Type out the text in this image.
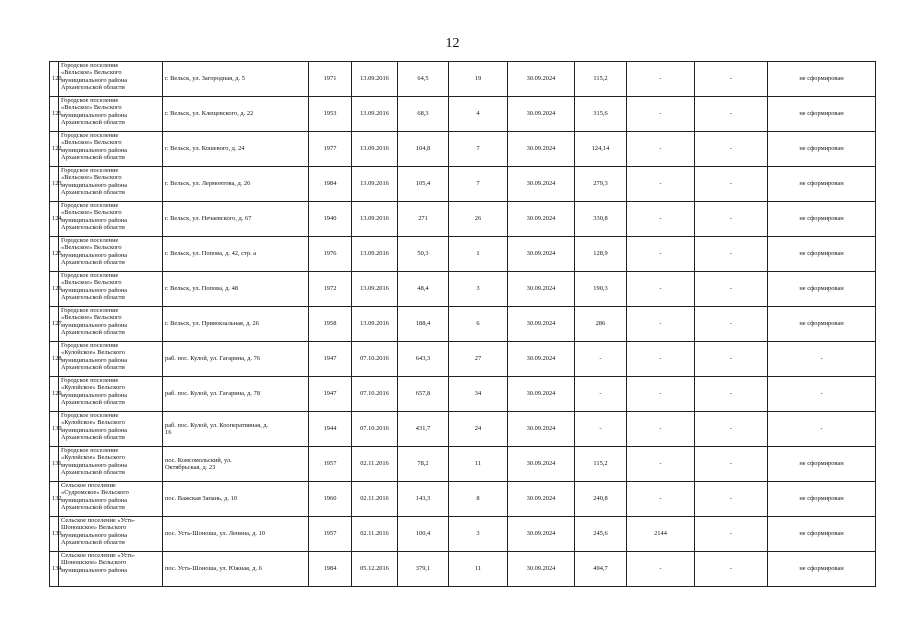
12
120	Городское поселение
«Вельское» Вельского
муниципального района
Архангельской области	г. Вельск, ул. Загородная, д. 5	1971	13.09.2016	64,5	19	30.09.2024	115,2	-	-	не сформирован
121	Городское поселение
«Вельское» Вельского
муниципального района
Архангельской области	г. Вельск, ул. Клещевского, д. 22	1953	13.09.2016	68,3	4	30.09.2024	315,6	-	-	не сформирован
122	Городское поселение
«Вельское» Вельского
муниципального района
Архангельской области	г. Вельск, ул. Кошевого, д. 24	1977	13.09.2016	104,8	7	30.09.2024	124,14	-	-	не сформирован
123	Городское поселение
«Вельское» Вельского
муниципального района
Архангельской области	г. Вельск, ул. Лермонтова, д. 26	1984	13.09.2016	105,4	7	30.09.2024	279,3	-	-	не сформирован
124	Городское поселение
«Вельское» Вельского
муниципального района
Архангельской области	г. Вельск, ул. Нечаевского, д. 67	1940	13.09.2016	271	26	30.09.2024	330,8	-	-	не сформирован
125	Городское поселение
«Вельское» Вельского
муниципального района
Архангельской области	г. Вельск, ул. Попова, д. 42, стр. а	1976	13.09.2016	50,3	1	30.09.2024	128,9	-	-	не сформирован
126	Городское поселение
«Вельское» Вельского
муниципального района
Архангельской области	г. Вельск, ул. Попова, д. 48	1972	13.09.2016	48,4	3	30.09.2024	190,3	-	-	не сформирован
127	Городское поселение
«Вельское» Вельского
муниципального района
Архангельской области	г. Вельск, ул. Привокзальная, д. 26	1958	13.09.2016	188,4	6	30.09.2024	286	-	-	не сформирован
128	Городское поселение
«Кулойское» Вельского
муниципального района
Архангельской области	раб. пос. Кулой, ул. Гагарина, д. 76	1947	07.10.2016	643,3	27	30.09.2024	-	-	-	-
129	Городское поселение
«Кулойское» Вельского
муниципального района
Архангельской области	раб. пос. Кулой, ул. Гагарина, д. 78	1947	07.10.2016	657,8	34	30.09.2024	-	-	-	-
130	Городское поселение
«Кулойское» Вельского
муниципального района
Архангельской области	раб. пос. Кулой, ул. Кооперативная, д.
16	1944	07.10.2016	431,7	24	30.09.2024	-	-	-	-
131	Городское поселение
«Кулойское» Вельского
муниципального района
Архангельской области	пос. Комсомольский, ул.
Октябрьская, д. 23	1957	02.11.2016	78,2	11	30.09.2024	115,2	-	-	не сформирован
132	Сельское поселение
«Судромское» Вельского
муниципального района
Архангельской области	пос. Важская Запань, д. 10	1960	02.11.2016	143,3	8	30.09.2024	240,8	-	-	не сформирован
133	Сельское поселение «Усть-
Шоношское» Вельского
муниципального района
Архангельской области	пос. Усть-Шоноша, ул. Ленина, д. 10	1957	02.11.2016	100,4	3	30.09.2024	245,6	2144	-	не сформирован
134	Сельское поселение «Усть-
Шоношское» Вельского
муниципального района	пос. Усть-Шоноша, ул. Южная, д. 6	1984	05.12.2016	379,1	11	30.09.2024	494,7	-	-	не сформирован
